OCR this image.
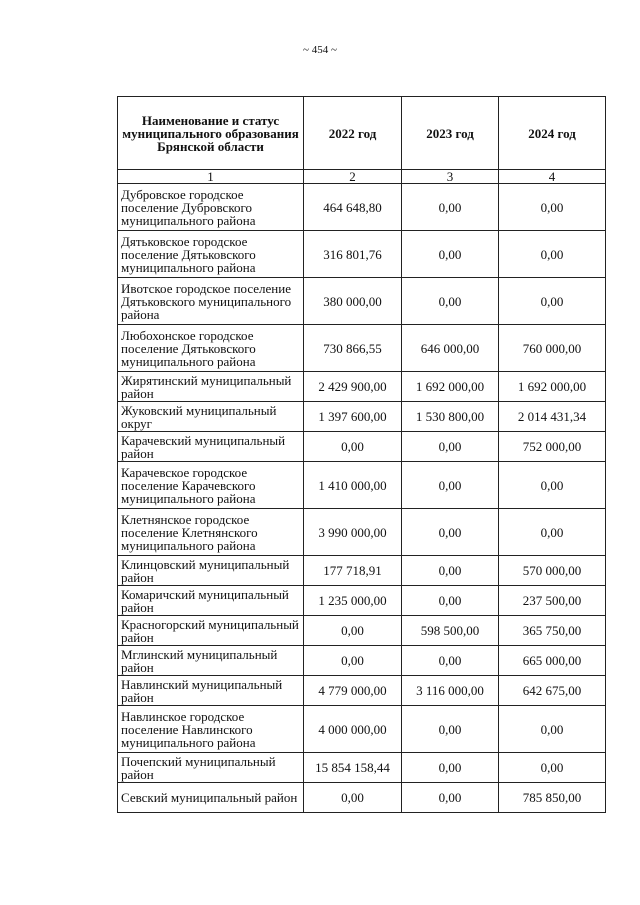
~ 454 ~
Наименование и статус муниципального образования Брянской области	2022 год	2023 год	2024 год
1	2	3	4
Дубровское городское поселение Дубровского муниципального района	464 648,80	0,00	0,00
Дятьковское городское поселение Дятьковского муниципального района	316 801,76	0,00	0,00
Ивотское городское поселение Дятьковского муниципального района	380 000,00	0,00	0,00
Любохонское городское поселение Дятьковского муниципального района	730 866,55	646 000,00	760 000,00
Жирятинский муниципальный район	2 429 900,00	1 692 000,00	1 692 000,00
Жуковский муниципальный округ	1 397 600,00	1 530 800,00	2 014 431,34
Карачевский муниципальный район	0,00	0,00	752 000,00
Карачевское городское поселение Карачевского муниципального района	1 410 000,00	0,00	0,00
Клетнянское городское поселение Клетнянского муниципального района	3 990 000,00	0,00	0,00
Клинцовский муниципальный район	177 718,91	0,00	570 000,00
Комаричский муниципальный район	1 235 000,00	0,00	237 500,00
Красногорский муниципальный район	0,00	598 500,00	365 750,00
Мглинский муниципальный район	0,00	0,00	665 000,00
Навлинский муниципальный район	4 779 000,00	3 116 000,00	642 675,00
Навлинское городское поселение Навлинского муниципального района	4 000 000,00	0,00	0,00
Почепский муниципальный район	15 854 158,44	0,00	0,00
Севский муниципальный район	0,00	0,00	785 850,00
